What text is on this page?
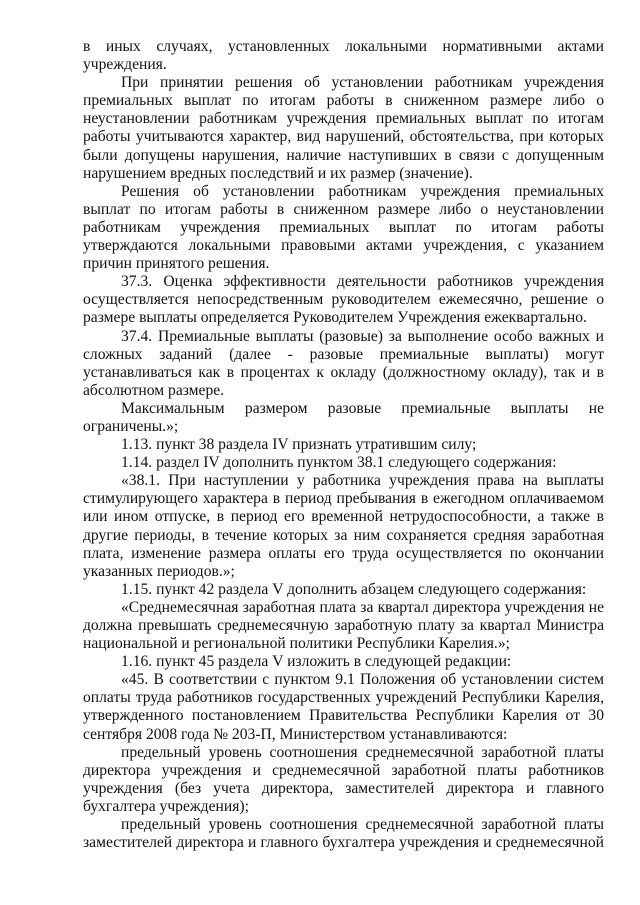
в иных случаях, установленных локальными нормативными актами учреждения.

При принятии решения об установлении работникам учреждения премиальных выплат по итогам работы в сниженном размере либо о неустановлении работникам учреждения премиальных выплат по итогам работы учитываются характер, вид нарушений, обстоятельства, при которых были допущены нарушения, наличие наступивших в связи с допущенным нарушением вредных последствий и их размер (значение).

Решения об установлении работникам учреждения премиальных выплат по итогам работы в сниженном размере либо о неустановлении работникам учреждения премиальных выплат по итогам работы утверждаются локальными правовыми актами учреждения, с указанием причин принятого решения.

37.3. Оценка эффективности деятельности работников учреждения осуществляется непосредственным руководителем ежемесячно, решение о размере выплаты определяется Руководителем Учреждения ежеквартально.

37.4. Премиальные выплаты (разовые) за выполнение особо важных и сложных заданий (далее - разовые премиальные выплаты) могут устанавливаться как в процентах к окладу (должностному окладу), так и в абсолютном размере.

Максимальным размером разовые премиальные выплаты не ограничены.»;

1.13. пункт 38 раздела IV признать утратившим силу;

1.14. раздел IV дополнить пунктом 38.1 следующего содержания:

«38.1. При наступлении у работника учреждения права на выплаты стимулирующего характера в период пребывания в ежегодном оплачиваемом или ином отпуске, в период его временной нетрудоспособности, а также в другие периоды, в течение которых за ним сохраняется средняя заработная плата, изменение размера оплаты его труда осуществляется по окончании указанных периодов.»;

1.15. пункт 42 раздела V дополнить абзацем следующего содержания:

«Среднемесячная заработная плата за квартал директора учреждения не должна превышать среднемесячную заработную плату за квартал Министра национальной и региональной политики Республики Карелия.»;

1.16. пункт 45 раздела V изложить в следующей редакции:

«45. В соответствии с пунктом 9.1 Положения об установлении систем оплаты труда работников государственных учреждений Республики Карелия, утвержденного постановлением Правительства Республики Карелия от 30 сентября 2008 года № 203-П, Министерством устанавливаются:

предельный уровень соотношения среднемесячной заработной платы директора учреждения и среднемесячной заработной платы работников учреждения (без учета директора, заместителей директора и главного бухгалтера учреждения);

предельный уровень соотношения среднемесячной заработной платы заместителей директора и главного бухгалтера учреждения и среднемесячной
